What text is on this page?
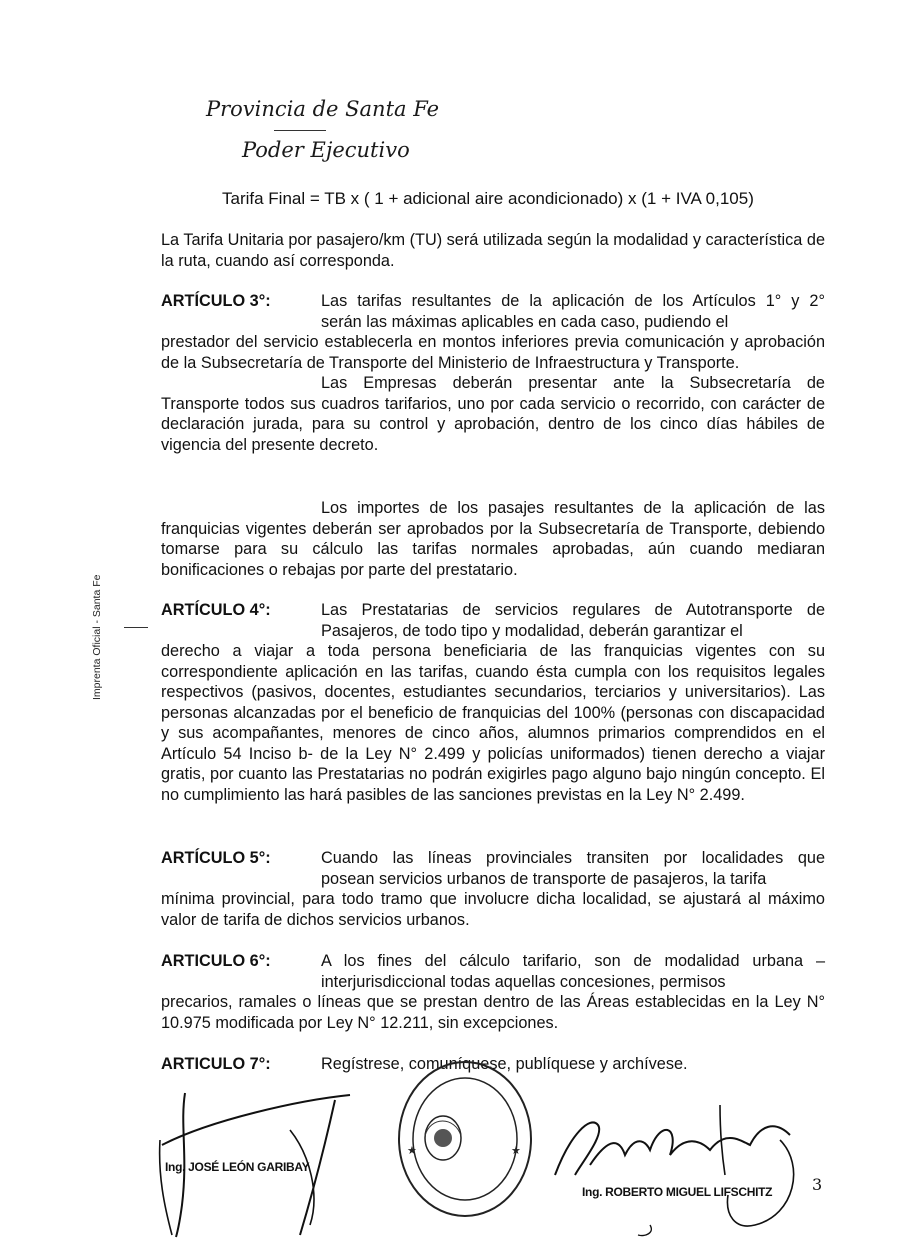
Provincia de Santa Fe
Poder Ejecutivo
Tarifa Final = TB x ( 1 + adicional aire acondicionado) x (1 + IVA 0,105)

La Tarifa Unitaria por pasajero/km (TU) será utilizada según la modalidad y característica de la ruta, cuando así corresponda.

ARTÍCULO 3°:	Las tarifas resultantes de la aplicación de los Artículos 1° y 2°

serán las máximas aplicables en cada caso, pudiendo el

prestador del servicio establecerla en montos inferiores previa comunicación y aprobación de la Subsecretaría de Transporte del Ministerio de Infraestructura y Transporte.

Las Empresas deberán presentar ante la Subsecretaría de Transporte todos sus cuadros tarifarios, uno por cada servicio o recorrido, con carácter de declaración jurada, para su control y aprobación, dentro de los cinco días hábiles de vigencia del presente decreto.

Los importes de los pasajes resultantes de la aplicación de las franquicias vigentes deberán ser aprobados por la Subsecretaría de Transporte, debiendo tomarse para su cálculo las tarifas normales aprobadas, aún cuando mediaran bonificaciones o rebajas por parte del prestatario.

ARTÍCULO 4°:	Las Prestatarias de servicios regulares de Autotransporte de

Pasajeros, de todo tipo y modalidad, deberán garantizar el

derecho a viajar a toda persona beneficiaria de las franquicias vigentes con su correspondiente aplicación en las tarifas, cuando ésta cumpla con los requisitos legales respectivos (pasivos, docentes, estudiantes secundarios, terciarios y universitarios). Las personas alcanzadas por el beneficio de franquicias del 100% (personas con discapacidad y sus acompañantes, menores de cinco años, alumnos primarios comprendidos en el Artículo 54 Inciso b- de la Ley N° 2.499 y policías uniformados) tienen derecho a viajar gratis, por cuanto las Prestatarias no podrán exigirles pago alguno bajo ningún concepto. El no cumplimiento las hará pasibles de las sanciones previstas en la Ley N° 2.499.

ARTÍCULO 5°:	Cuando las líneas provinciales transiten por localidades que

posean servicios urbanos de transporte de pasajeros, la tarifa

mínima provincial, para todo tramo que involucre dicha localidad, se ajustará al máximo valor de tarifa de dichos servicios urbanos.

ARTICULO 6°:	A los fines del cálculo tarifario, son de modalidad urbana –

interjurisdiccional todas aquellas concesiones, permisos

precarios, ramales o líneas que se prestan dentro de las Áreas establecidas en la Ley N° 10.975 modificada por Ley N° 12.211, sin excepciones.

ARTICULO 7°:	Regístrese, comuníquese, publíquese y archívese.
Imprenta Oficial - Santa Fe
Ing. JOSÉ LEÓN GARIBAY
★	★
Ing. ROBERTO MIGUEL LIFSCHITZ 3
